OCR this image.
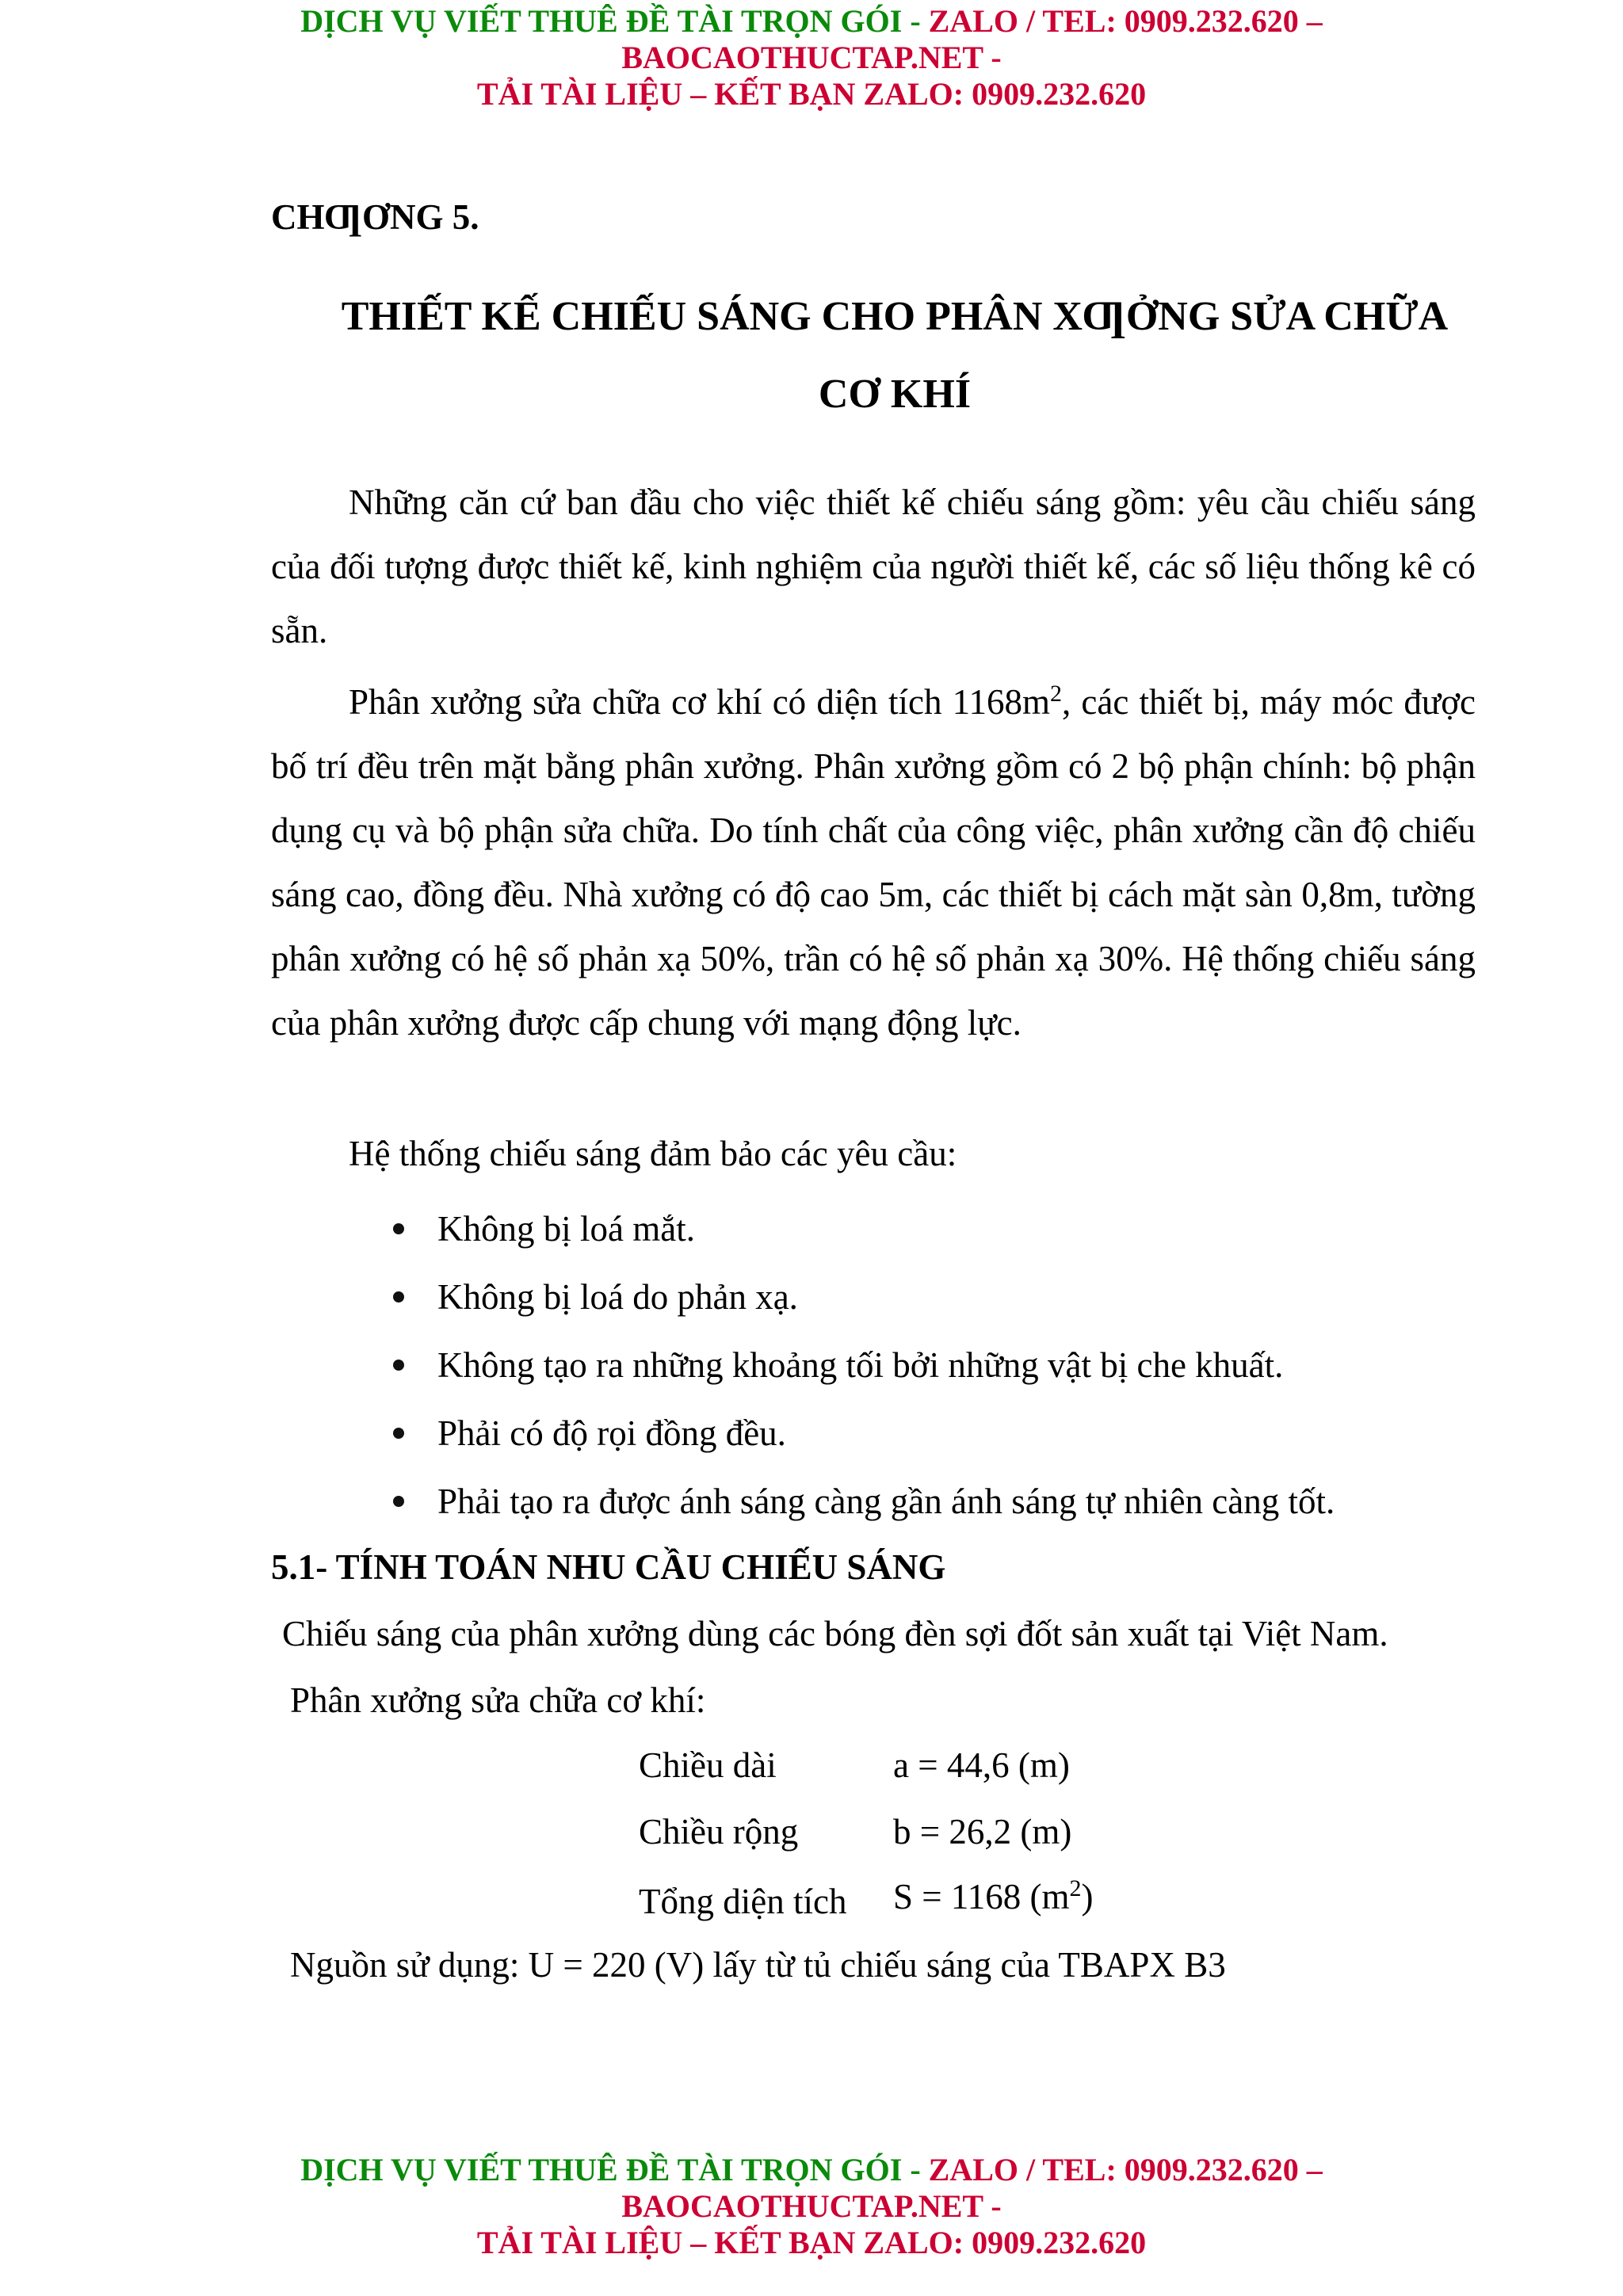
DỊCH VỤ VIẾT THUÊ ĐỀ TÀI TRỌN GÓI - ZALO / TEL: 0909.232.620 –
BAOCAOTHUCTAP.NET -
TẢI TÀI LIỆU – KẾT BẠN ZALO: 0909.232.620
CHƢƠNG 5.
THIẾT KẾ CHIẾU SÁNG CHO PHÂN XƢỞNG SỬA CHỮA
CƠ KHÍ
Những căn cứ ban đầu cho việc thiết kế chiếu sáng gồm: yêu cầu chiếu sáng của đối tượng được thiết kế, kinh nghiệm của người thiết kế, các số liệu thống kê có sẵn.
Phân xưởng sửa chữa cơ khí có diện tích $1168m^2$, các thiết bị, máy móc được bố trí đều trên mặt bằng phân xưởng. Phân xưởng gồm có 2 bộ phận chính: bộ phận dụng cụ và bộ phận sửa chữa. Do tính chất của công việc, phân xưởng cần độ chiếu sáng cao, đồng đều. Nhà xưởng có độ cao 5m, các thiết bị cách mặt sàn 0,8m, tường phân xưởng có hệ số phản xạ 50%, trần có hệ số phản xạ 30%. Hệ thống chiếu sáng của phân xưởng được cấp chung với mạng động lực.
Hệ thống chiếu sáng đảm bảo các yêu cầu:
Không bị loá mắt.
Không bị loá do phản xạ.
Không tạo ra những khoảng tối bởi những vật bị che khuất.
Phải có độ rọi đồng đều.
Phải tạo ra được ánh sáng càng gần ánh sáng tự nhiên càng tốt.
5.1- TÍNH TOÁN NHU CẦU CHIẾU SÁNG
Chiếu sáng của phân xưởng dùng các bóng đèn sợi đốt sản xuất tại Việt Nam.
Phân xưởng sửa chữa cơ khí:
Chiều dài	a = 44,6 (m)
Chiều rộng	b = 26,2 (m)
Tổng diện tích S = 1168 $(m^2)$
Nguồn sử dụng: U = 220 (V) lấy từ tủ chiếu sáng của TBAPX B3
DỊCH VỤ VIẾT THUÊ ĐỀ TÀI TRỌN GÓI - ZALO / TEL: 0909.232.620 –
BAOCAOTHUCTAP.NET -
TẢI TÀI LIỆU – KẾT BẠN ZALO: 0909.232.620
